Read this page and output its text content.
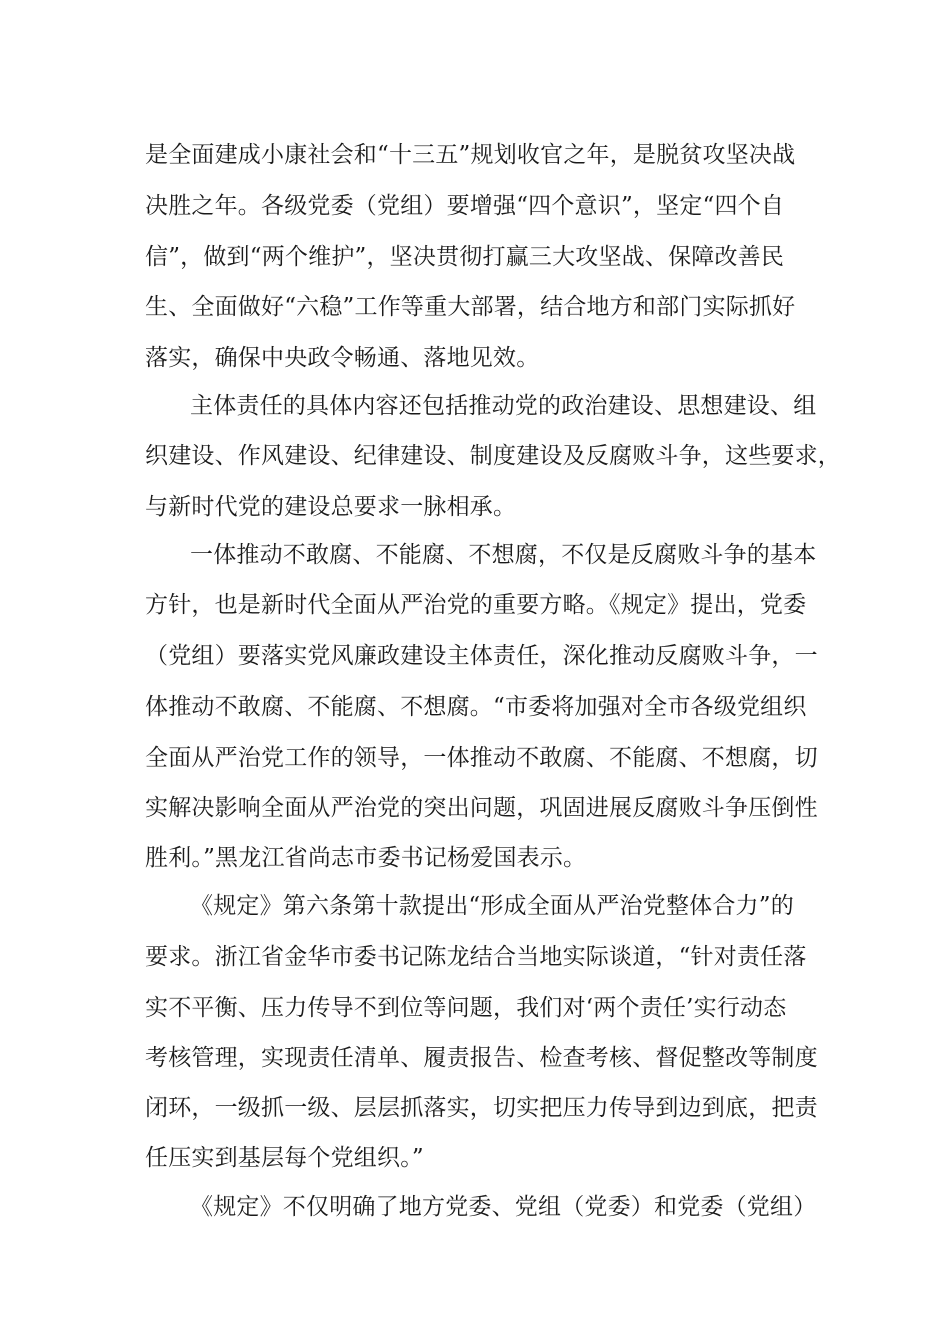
是全面建成小康社会和“十三五”规划收官之年，是脱贫攻坚决战
决胜之年。各级党委（党组）要增强“四个意识”，坚定“四个自
信”，做到“两个维护”，坚决贯彻打赢三大攻坚战、保障改善民
生、全面做好“六稳”工作等重大部署，结合地方和部门实际抓好
落实，确保中央政令畅通、落地见效。
主体责任的具体内容还包括推动党的政治建设、思想建设、组
织建设、作风建设、纪律建设、制度建设及反腐败斗争，这些要求，
与新时代党的建设总要求一脉相承。
一体推动不敢腐、不能腐、不想腐，不仅是反腐败斗争的基本
方针，也是新时代全面从严治党的重要方略。《规定》提出，党委
（党组）要落实党风廉政建设主体责任，深化推动反腐败斗争，一
体推动不敢腐、不能腐、不想腐。“市委将加强对全市各级党组织
全面从严治党工作的领导，一体推动不敢腐、不能腐、不想腐，切
实解决影响全面从严治党的突出问题，巩固进展反腐败斗争压倒性
胜利。”黑龙江省尚志市委书记杨爱国表示。
《规定》第六条第十款提出“形成全面从严治党整体合力”的
要求。浙江省金华市委书记陈龙结合当地实际谈道，“针对责任落
实不平衡、压力传导不到位等问题，我们对‘两个责任’实行动态
考核管理，实现责任清单、履责报告、检查考核、督促整改等制度
闭环，一级抓一级、层层抓落实，切实把压力传导到边到底，把责
任压实到基层每个党组织。”
《规定》不仅明确了地方党委、党组（党委）和党委（党组）
